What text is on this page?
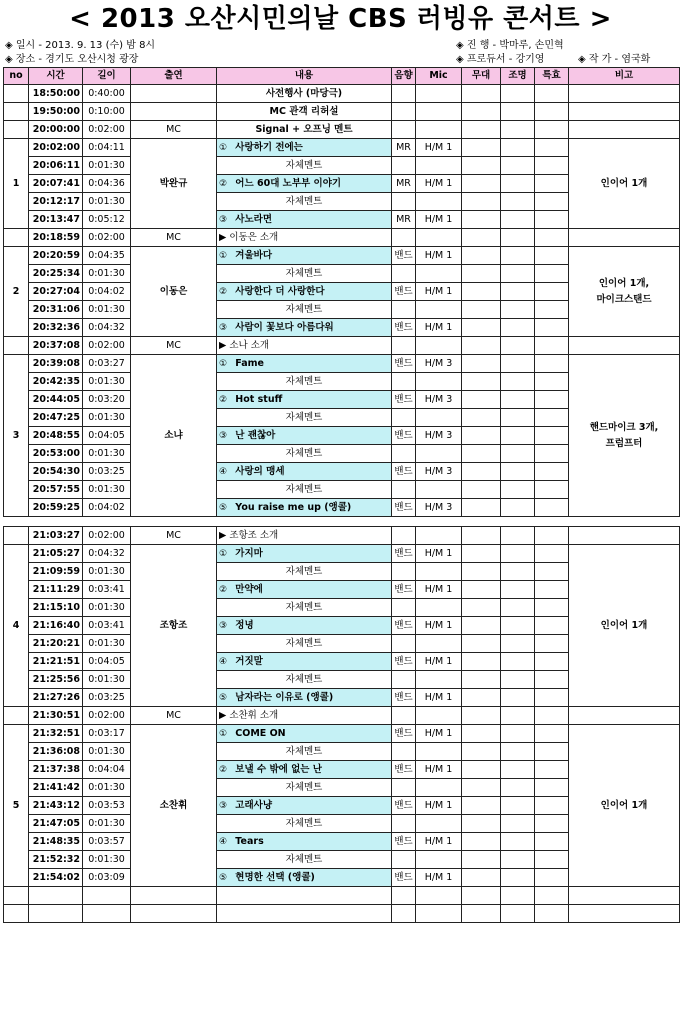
< 2013 오산시민의날 CBS 러빙유 콘서트 >
◈ 일시 - 2013. 9. 13 (수) 밤 8시
◈ 장소 - 경기도 오산시청 광장
◈ 진 행 - 박마루, 손민혁
◈ 프로듀서 - 강기영	◈ 작 가 - 염국화
no	시간	길이	출연	내용	음향	Mic	무대	조명	특효	비고
	18:50:00	0:40:00		사전행사 (마당극)						
	19:50:00	0:10:00		MC 관객 리허설						
	20:00:00	0:02:00	MC	Signal + 오프닝 멘트						
1	20:02:00	0:04:11	박완규	① 사랑하기 전에는	MR	H/M 1				인이어 1개

	20:06:11	0:01:30		자체멘트						
	20:07:41	0:04:36		② 어느 60대 노부부 이야기	MR	H/M 1				
	20:12:17	0:01:30		자체멘트						
	20:13:47	0:05:12		③ 사노라면	MR	H/M 1				
	20:18:59	0:02:00	MC	▶ 이동은 소개						
2	20:20:59	0:04:35	이동은	① 겨울바다	밴드	H/M 1				인이어 1개,
마이크스탠드

	20:25:34	0:01:30		자체멘트						
	20:27:04	0:04:02		② 사랑한다 더 사랑한다	밴드	H/M 1				
	20:31:06	0:01:30		자체멘트						
	20:32:36	0:04:32		③ 사람이 꽃보다 아름다워	밴드	H/M 1				
	20:37:08	0:02:00	MC	▶ 소나 소개						
3	20:39:08	0:03:27	소냐	① Fame	밴드	H/M 3				핸드마이크 3개,
프럼프터

	20:42:35	0:01:30		자체멘트						
	20:44:05	0:03:20		② Hot stuff	밴드	H/M 3				
	20:47:25	0:01:30		자체멘트						
	20:48:55	0:04:05		③ 난 괜찮아	밴드	H/M 3				
	20:53:00	0:01:30		자체멘트						
	20:54:30	0:03:25		④ 사랑의 맹세	밴드	H/M 3				
	20:57:55	0:01:30		자체멘트						
	20:59:25	0:04:02		⑤ You raise me up (앵콜)	밴드	H/M 3				

	21:03:27	0:02:00	MC	▶ 조항조 소개						
4	21:05:27	0:04:32	조항조	① 가지마	밴드	H/M 1				인이어 1개

	21:09:59	0:01:30		자체멘트						
	21:11:29	0:03:41		② 만약에	밴드	H/M 1				
	21:15:10	0:01:30		자체멘트						
	21:16:40	0:03:41		③ 정녕	밴드	H/M 1				
	21:20:21	0:01:30		자체멘트						
	21:21:51	0:04:05		④ 거짓말	밴드	H/M 1				
	21:25:56	0:01:30		자체멘트						
	21:27:26	0:03:25		⑤ 남자라는 이유로 (앵콜)	밴드	H/M 1				
	21:30:51	0:02:00	MC	▶ 소찬휘 소개						
5	21:32:51	0:03:17	소찬휘	① COME ON	밴드	H/M 1				인이어 1개

	21:36:08	0:01:30		자체멘트						
	21:37:38	0:04:04		② 보낼 수 밖에 없는 난	밴드	H/M 1				
	21:41:42	0:01:30		자체멘트						
	21:43:12	0:03:53		③ 고래사냥	밴드	H/M 1				
	21:47:05	0:01:30		자체멘트						
	21:48:35	0:03:57		④ Tears	밴드	H/M 1				
	21:52:32	0:01:30		자체멘트						
	21:54:02	0:03:09		⑤ 현명한 선택 (앵콜)	밴드	H/M 1				
